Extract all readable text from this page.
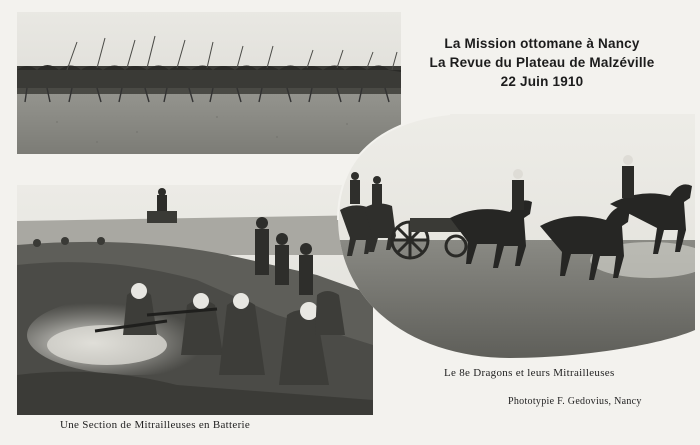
La Mission ottomane à Nancy
La Revue du Plateau de Malzéville
22 Juin 1910
Une Section de Mitrailleuses en Batterie
Le 8e Dragons et leurs Mitrailleuses
Phototypie F. Gedovius, Nancy
